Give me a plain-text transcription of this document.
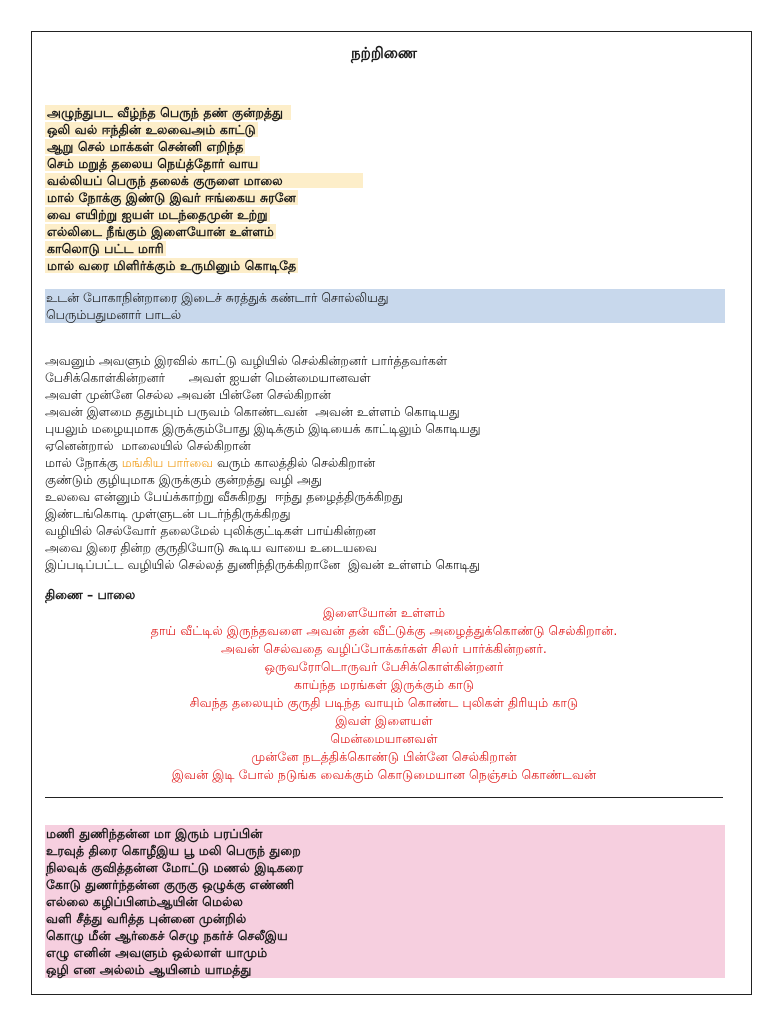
நற்றிணை
அழுந்துபட வீழ்ந்த பெருந் தண் குன்றத்து
ஒலி வல் ஈந்தின் உலவைஅம் காட்டு
ஆறு செல் மாக்கள் சென்னி எறிந்த
செம் மறுத் தலைய நெய்த்தோர் வாய
வல்லியப் பெருந் தலைக் குருளை மாலை
மால் நோக்கு இண்டு இவர் ஈங்கைய சுரனே
வை எயிற்று ஐயள் மடந்தைமுன் உற்று
எல்லிடை நீங்கும் இளையோன் உள்ளம்
காலொடு பட்ட மாரி
மால் வரை மிளிர்க்கும் உருமினும் கொடிதே
உடன் போகாநின்றாரை இடைச் சுரத்துக் கண்டார் சொல்லியது
பெரும்பதுமனார் பாடல்
அவனும் அவளும் இரவில் காட்டு வழியில் செல்கின்றனர் பார்த்தவர்கள்
பேசிக்கொள்கின்றனர்      அவள் ஐயள் மென்மையானவள்
அவள் முன்னே செல்ல அவன் பின்னே செல்கிறான்
அவன் இளமை ததும்பும் பருவம் கொண்டவன்  அவன் உள்ளம் கொடியது
புயலும் மழையுமாக இருக்கும்போது இடிக்கும் இடியைக் காட்டிலும் கொடியது
ஏனென்றால்  மாலையில் செல்கிறான்
மால் நோக்கு மங்கிய பார்வை வரும் காலத்தில் செல்கிறான்
குண்டும் குழியுமாக இருக்கும் குன்றத்து வழி அது
உலவை என்னும் பேய்க்காற்று வீசுகிறது  ஈந்து தழைத்திருக்கிறது
இண்டங்கொடி முள்ளுடன் படர்ந்திருக்கிறது
வழியில் செல்வோர் தலைமேல் புலிக்குட்டிகள் பாய்கின்றன
அவை இரை தின்ற குருதியோடு கூடிய வாயை உடையவை
இப்படிப்பட்ட வழியில் செல்லத் துணிந்திருக்கிறானே  இவன் உள்ளம் கொடிது
திணை – பாலை
இளையோன் உள்ளம்
தாய் வீட்டில் இருந்தவளை அவன் தன் வீட்டுக்கு அழைத்துக்கொண்டு செல்கிறான்.
அவன் செல்வதை வழிப்போக்கர்கள் சிலர் பார்க்கின்றனர்.
ஒருவரோடொருவர் பேசிக்கொள்கின்றனர்
காய்ந்த மரங்கள் இருக்கும் காடு
சிவந்த தலையும் குருதி படிந்த வாயும் கொண்ட புலிகள் திரியும் காடு
இவள் இளையள்
மென்மையானவள்
முன்னே நடத்திக்கொண்டு பின்னே செல்கிறான்
இவன் இடி போல் நடுங்க வைக்கும் கொடுமையான நெஞ்சம் கொண்டவன்
மணி துணிந்தன்ன மா இரும் பரப்பின்
உரவுத் திரை கொழீஇய பூ மலி பெருந் துறை
நிலவுக் குவித்தன்ன மோட்டு மணல் இடிகரை
கோடு துணர்ந்தன்ன குருகு ஒழுக்கு எண்ணி
எல்லை கழிப்பினம்ஆயின் மெல்ல
வளி சீத்து வரித்த புன்னை முன்றில்
கொழு மீன் ஆர்கைச் செழு நகர்ச் செலீஇய
எழு எனின் அவளும் ஒல்லாள் யாமும்
ஒழி என அல்லம் ஆயினம் யாமத்து
